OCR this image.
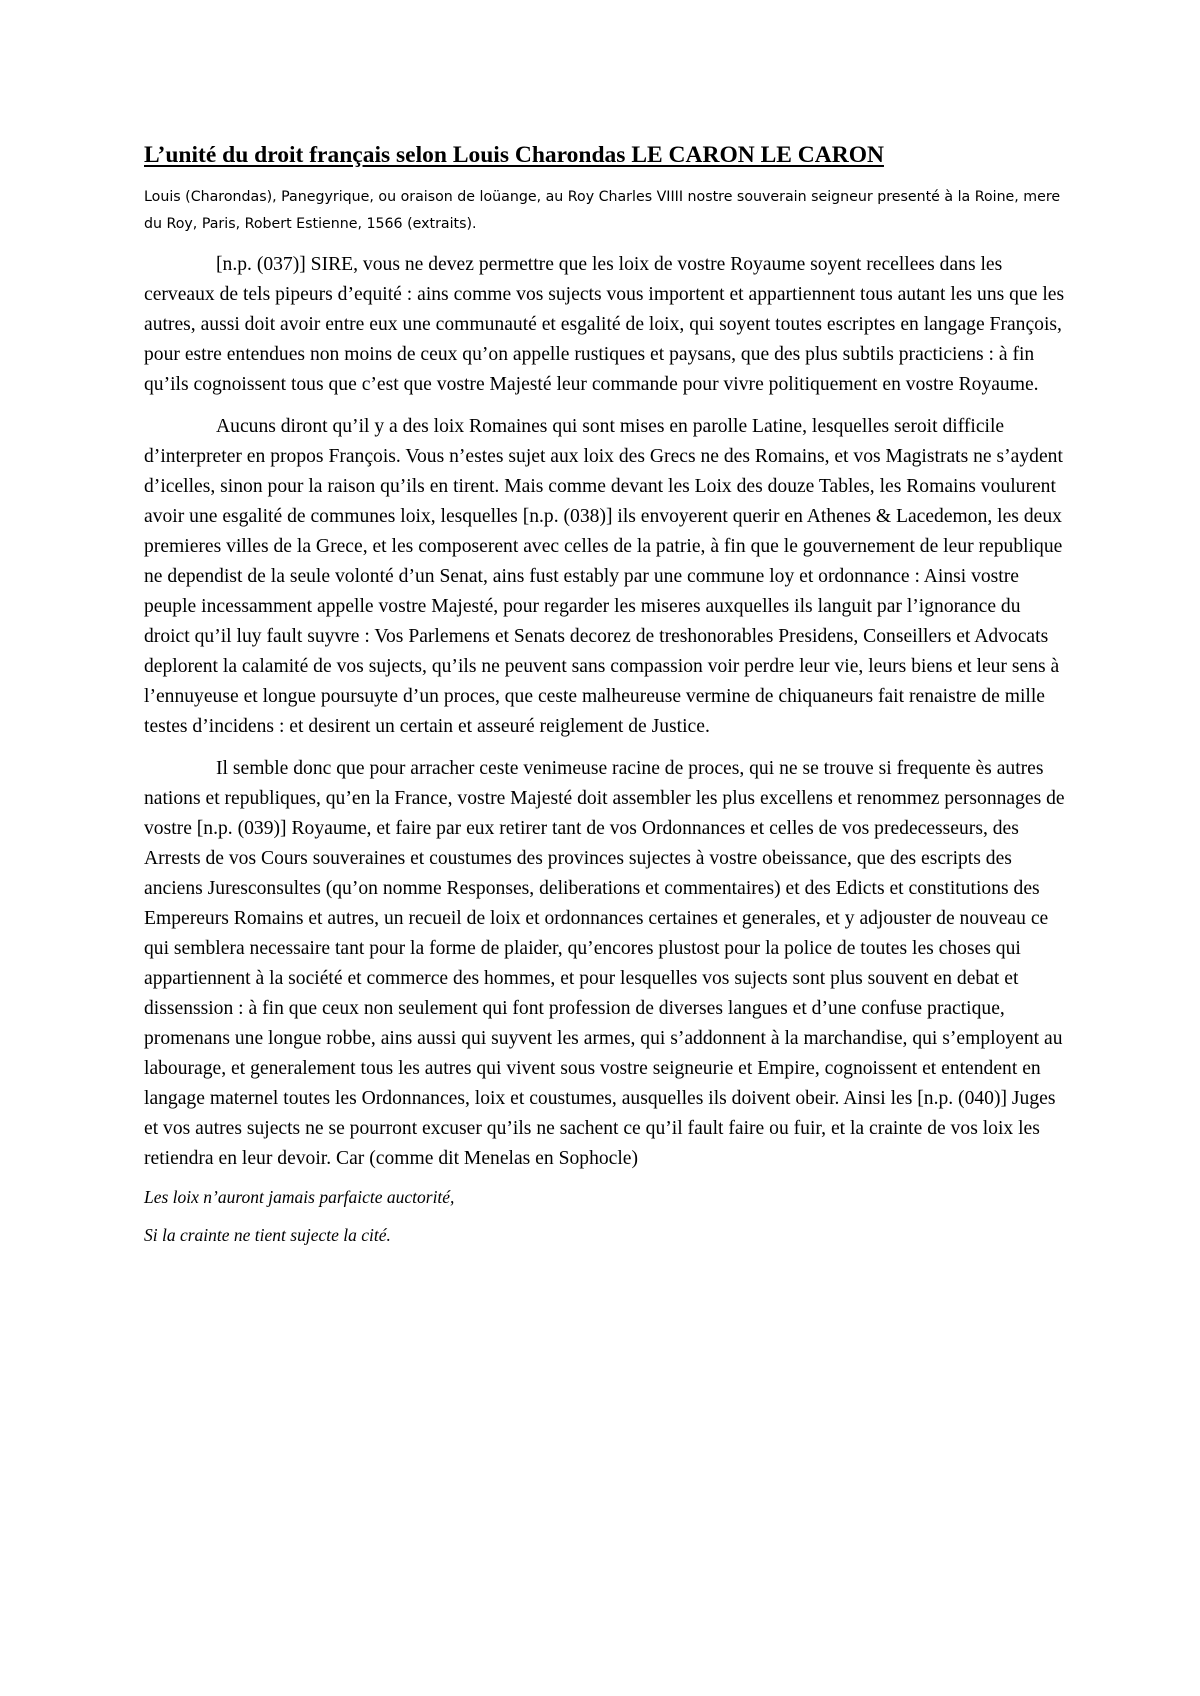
L’unité du droit français selon Louis Charondas LE CARON LE CARON

Louis (Charondas), Panegyrique, ou oraison de loüange, au Roy Charles VIIII nostre souverain seigneur presenté à la Roine, mere du Roy, Paris, Robert Estienne, 1566 (extraits).

[n.p. (037)] SIRE, vous ne devez permettre que les loix de vostre Royaume soyent recellees dans les cerveaux de tels pipeurs d’equité : ains comme vos sujects vous importent et appartiennent tous autant les uns que les autres, aussi doit avoir entre eux une communauté et esgalité de loix, qui soyent toutes escriptes en langage François, pour estre entendues non moins de ceux qu’on appelle rustiques et paysans, que des plus subtils practiciens : à fin qu’ils cognoissent tous que c’est que vostre Majesté leur commande pour vivre politiquement en vostre Royaume.

Aucuns diront qu’il y a des loix Romaines qui sont mises en parolle Latine, lesquelles seroit difficile d’interpreter en propos François. Vous n’estes sujet aux loix des Grecs ne des Romains, et vos Magistrats ne s’aydent d’icelles, sinon pour la raison qu’ils en tirent. Mais comme devant les Loix des douze Tables, les Romains voulurent avoir une esgalité de communes loix, lesquelles [n.p. (038)] ils envoyerent querir en Athenes & Lacedemon, les deux premieres villes de la Grece, et les composerent avec celles de la patrie, à fin que le gouvernement de leur republique ne dependist de la seule volonté d’un Senat, ains fust estably par une commune loy et ordonnance : Ainsi vostre peuple incessamment appelle vostre Majesté, pour regarder les miseres auxquelles ils languit par l’ignorance du droict qu’il luy fault suyvre : Vos Parlemens et Senats decorez de treshonorables Presidens, Conseillers et Advocats deplorent la calamité de vos sujects, qu’ils ne peuvent sans compassion voir perdre leur vie, leurs biens et leur sens à l’ennuyeuse et longue poursuyte d’un proces, que ceste malheureuse vermine de chiquaneurs fait renaistre de mille testes d’incidens : et desirent un certain et asseuré reiglement de Justice.

Il semble donc que pour arracher ceste venimeuse racine de proces, qui ne se trouve si frequente ès autres nations et republiques, qu’en la France, vostre Majesté doit assembler les plus excellens et renommez personnages de vostre [n.p. (039)] Royaume, et faire par eux retirer tant de vos Ordonnances et celles de vos predecesseurs, des Arrests de vos Cours souveraines et coustumes des provinces sujectes à vostre obeissance, que des escripts des anciens Juresconsultes (qu’on nomme Responses, deliberations et commentaires) et des Edicts et constitutions des Empereurs Romains et autres, un recueil de loix et ordonnances certaines et generales, et y adjouster de nouveau ce qui semblera necessaire tant pour la forme de plaider, qu’encores plustost pour la police de toutes les choses qui appartiennent à la société et commerce des hommes, et pour lesquelles vos sujects sont plus souvent en debat et dissenssion : à fin que ceux non seulement qui font profession de diverses langues et d’une confuse practique, promenans une longue robbe, ains aussi qui suyvent les armes, qui s’addonnent à la marchandise, qui s’employent au labourage, et generalement tous les autres qui vivent sous vostre seigneurie et Empire, cognoissent et entendent en langage maternel toutes les Ordonnances, loix et coustumes, ausquelles ils doivent obeir. Ainsi les [n.p. (040)] Juges et vos autres sujects ne se pourront excuser qu’ils ne sachent ce qu’il fault faire ou fuir, et la crainte de vos loix les retiendra en leur devoir. Car (comme dit Menelas en Sophocle)

Les loix n’auront jamais parfaicte auctorité,

Si la crainte ne tient sujecte la cité.
